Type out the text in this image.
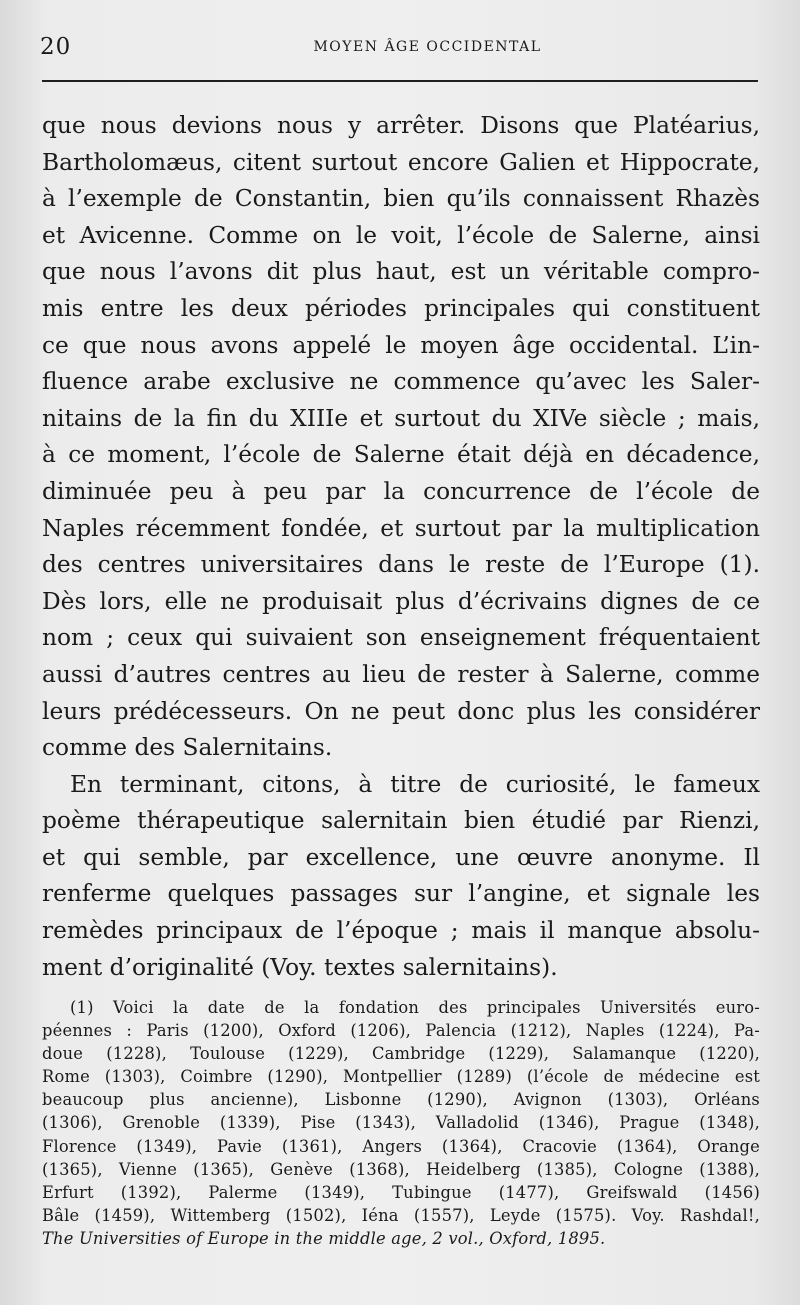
20	MOYEN ÂGE OCCIDENTAL

que nous devions nous y arrêter. Disons que Platéarius,

Bartholomæus, citent surtout encore Galien et Hippocrate,

à l’exemple de Constantin, bien qu’ils connaissent Rhazès

et Avicenne. Comme on le voit, l’école de Salerne, ainsi

que nous l’avons dit plus haut, est un véritable compro-

mis entre les deux périodes principales qui constituent

ce que nous avons appelé le moyen âge occidental. L’in-

fluence arabe exclusive ne commence qu’avec les Saler-

nitains de la fin du XIIIe et surtout du XIVe siècle ; mais,

à ce moment, l’école de Salerne était déjà en décadence,

diminuée peu à peu par la concurrence de l’école de

Naples récemment fondée, et surtout par la multiplication

des centres universitaires dans le reste de l’Europe (1).

Dès lors, elle ne produisait plus d’écrivains dignes de ce

nom ; ceux qui suivaient son enseignement fréquentaient

aussi d’autres centres au lieu de rester à Salerne, comme

leurs prédécesseurs. On ne peut donc plus les considérer

comme des Salernitains.

En terminant, citons, à titre de curiosité, le fameux

poème thérapeutique salernitain bien étudié par Rienzi,

et qui semble, par excellence, une œuvre anonyme. Il

renferme quelques passages sur l’angine, et signale les

remèdes principaux de l’époque ; mais il manque absolu-

ment d’originalité (Voy. textes salernitains).

(1) Voici la date de la fondation des principales Universités euro-

péennes : Paris (1200), Oxford (1206), Palencia (1212), Naples (1224), Pa-

doue (1228), Toulouse (1229), Cambridge (1229), Salamanque (1220),

Rome (1303), Coimbre (1290), Montpellier (1289) (l’école de médecine est

beaucoup plus ancienne), Lisbonne (1290), Avignon (1303), Orléans

(1306), Grenoble (1339), Pise (1343), Valladolid (1346), Prague (1348),

Florence (1349), Pavie (1361), Angers (1364), Cracovie (1364), Orange

(1365), Vienne (1365), Genève (1368), Heidelberg (1385), Cologne (1388),

Erfurt (1392), Palerme (1349), Tubingue (1477), Greifswald (1456)

Bâle (1459), Wittemberg (1502), Iéna (1557), Leyde (1575). Voy. Rashdal!,

The Universities of Europe in the middle age, 2 vol., Oxford, 1895.
